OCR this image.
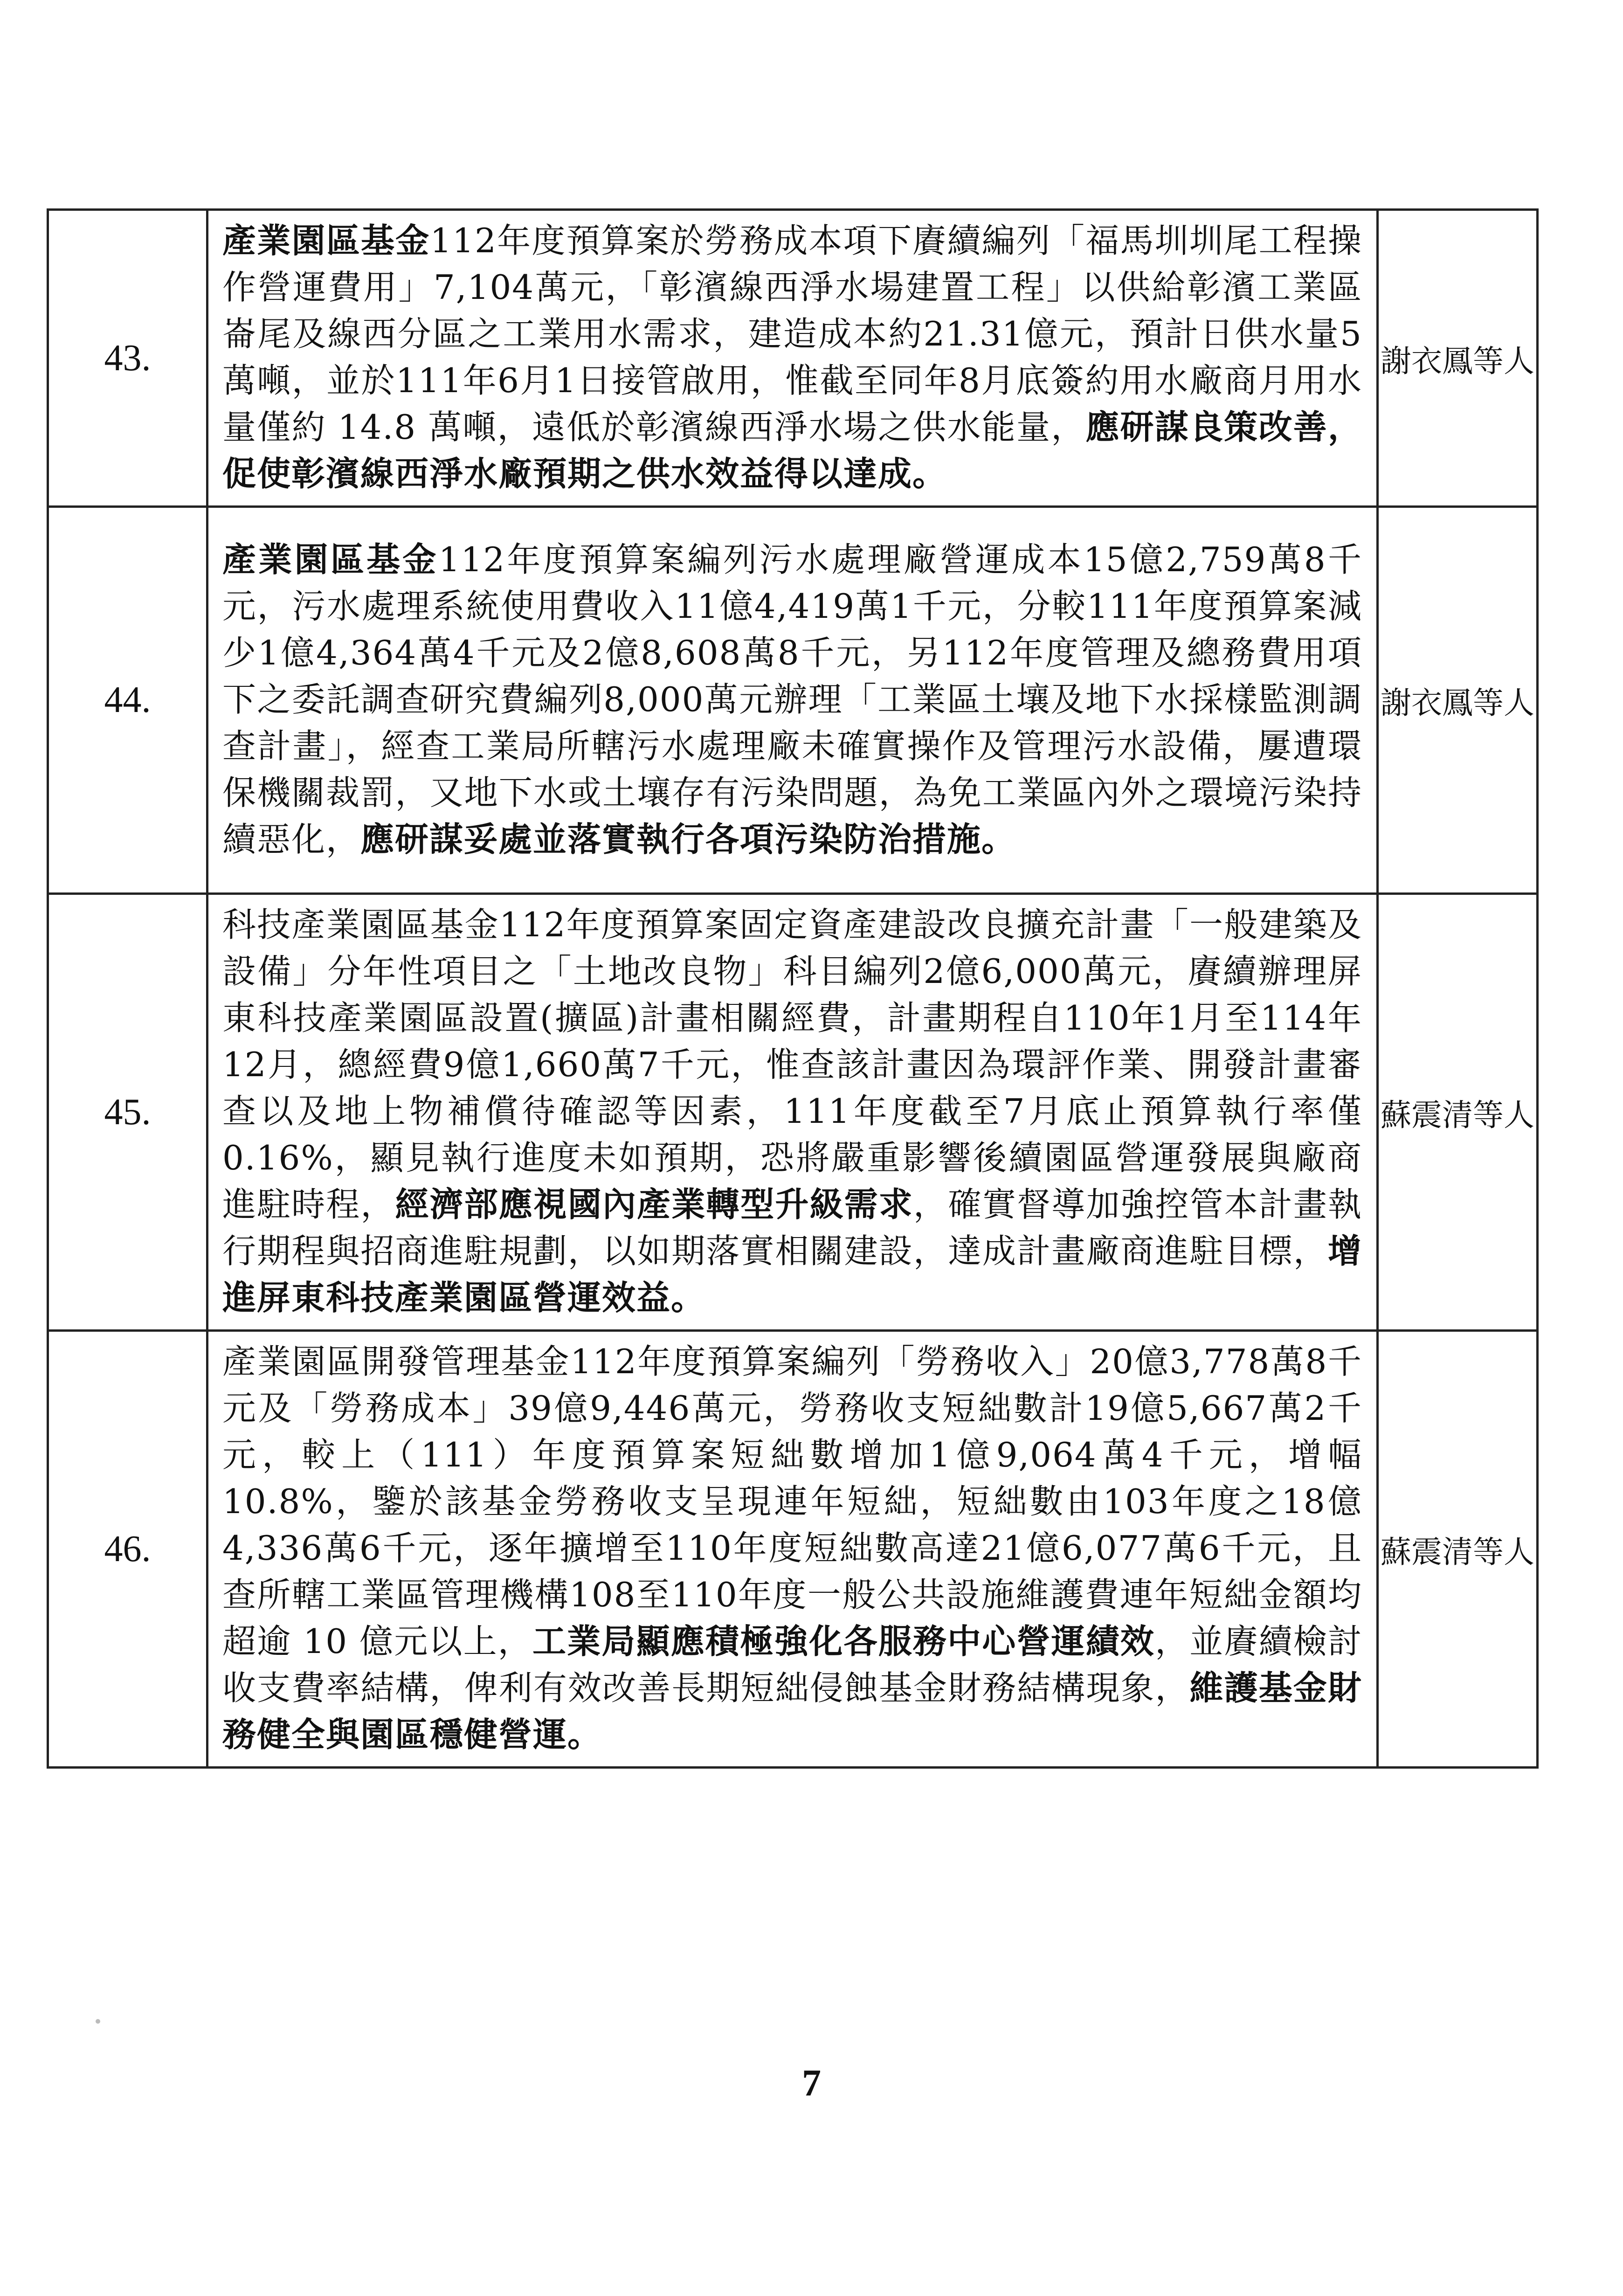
43.	產業園區基金112年度預算案於勞務成本項下賡續編列「福馬圳圳尾工程操作營運費用」7,104萬元，「彰濱線西淨水場建置工程」以供給彰濱工業區崙尾及線西分區之工業用水需求，建造成本約21.31億元，預計日供水量5萬噸，並於111年6月1日接管啟用，惟截至同年8月底簽約用水廠商月用水量僅約 14.8 萬噸，遠低於彰濱線西淨水場之供水能量，應研謀良策改善，促使彰濱線西淨水廠預期之供水效益得以達成。	謝衣鳳等人
44.	產業園區基金112年度預算案編列污水處理廠營運成本15億2,759萬8千元，污水處理系統使用費收入11億4,419萬1千元，分較111年度預算案減少1億4,364萬4千元及2億8,608萬8千元，另112年度管理及總務費用項下之委託調查研究費編列8,000萬元辦理「工業區土壤及地下水採樣監測調查計畫」，經查工業局所轄污水處理廠未確實操作及管理污水設備，屢遭環保機關裁罰，又地下水或土壤存有污染問題，為免工業區內外之環境污染持續惡化，應研謀妥處並落實執行各項污染防治措施。	謝衣鳳等人
45.	科技產業園區基金112年度預算案固定資產建設改良擴充計畫「一般建築及設備」分年性項目之「土地改良物」科目編列2億6,000萬元，賡續辦理屏東科技產業園區設置(擴區)計畫相關經費，計畫期程自110年1月至114年12月，總經費9億1,660萬7千元，惟查該計畫因為環評作業、開發計畫審查以及地上物補償待確認等因素，111年度截至7月底止預算執行率僅 0.16%，顯見執行進度未如預期，恐將嚴重影響後續園區營運發展與廠商進駐時程，經濟部應視國內產業轉型升級需求，確實督導加強控管本計畫執行期程與招商進駐規劃，以如期落實相關建設，達成計畫廠商進駐目標，增進屏東科技產業園區營運效益。	蘇震清等人
46.	產業園區開發管理基金112年度預算案編列「勞務收入」20億3,778萬8千元及「勞務成本」39億9,446萬元，勞務收支短絀數計19億5,667萬2千元，較上（111）年度預算案短絀數增加1億9,064萬4千元，增幅10.8%，鑒於該基金勞務收支呈現連年短絀，短絀數由103年度之18億4,336萬6千元，逐年擴增至110年度短絀數高達21億6,077萬6千元，且查所轄工業區管理機構108至110年度一般公共設施維護費連年短絀金額均超逾 10 億元以上，工業局顯應積極強化各服務中心營運績效，並賡續檢討收支費率結構，俾利有效改善長期短絀侵蝕基金財務結構現象，維護基金財務健全與園區穩健營運。	蘇震清等人
7
